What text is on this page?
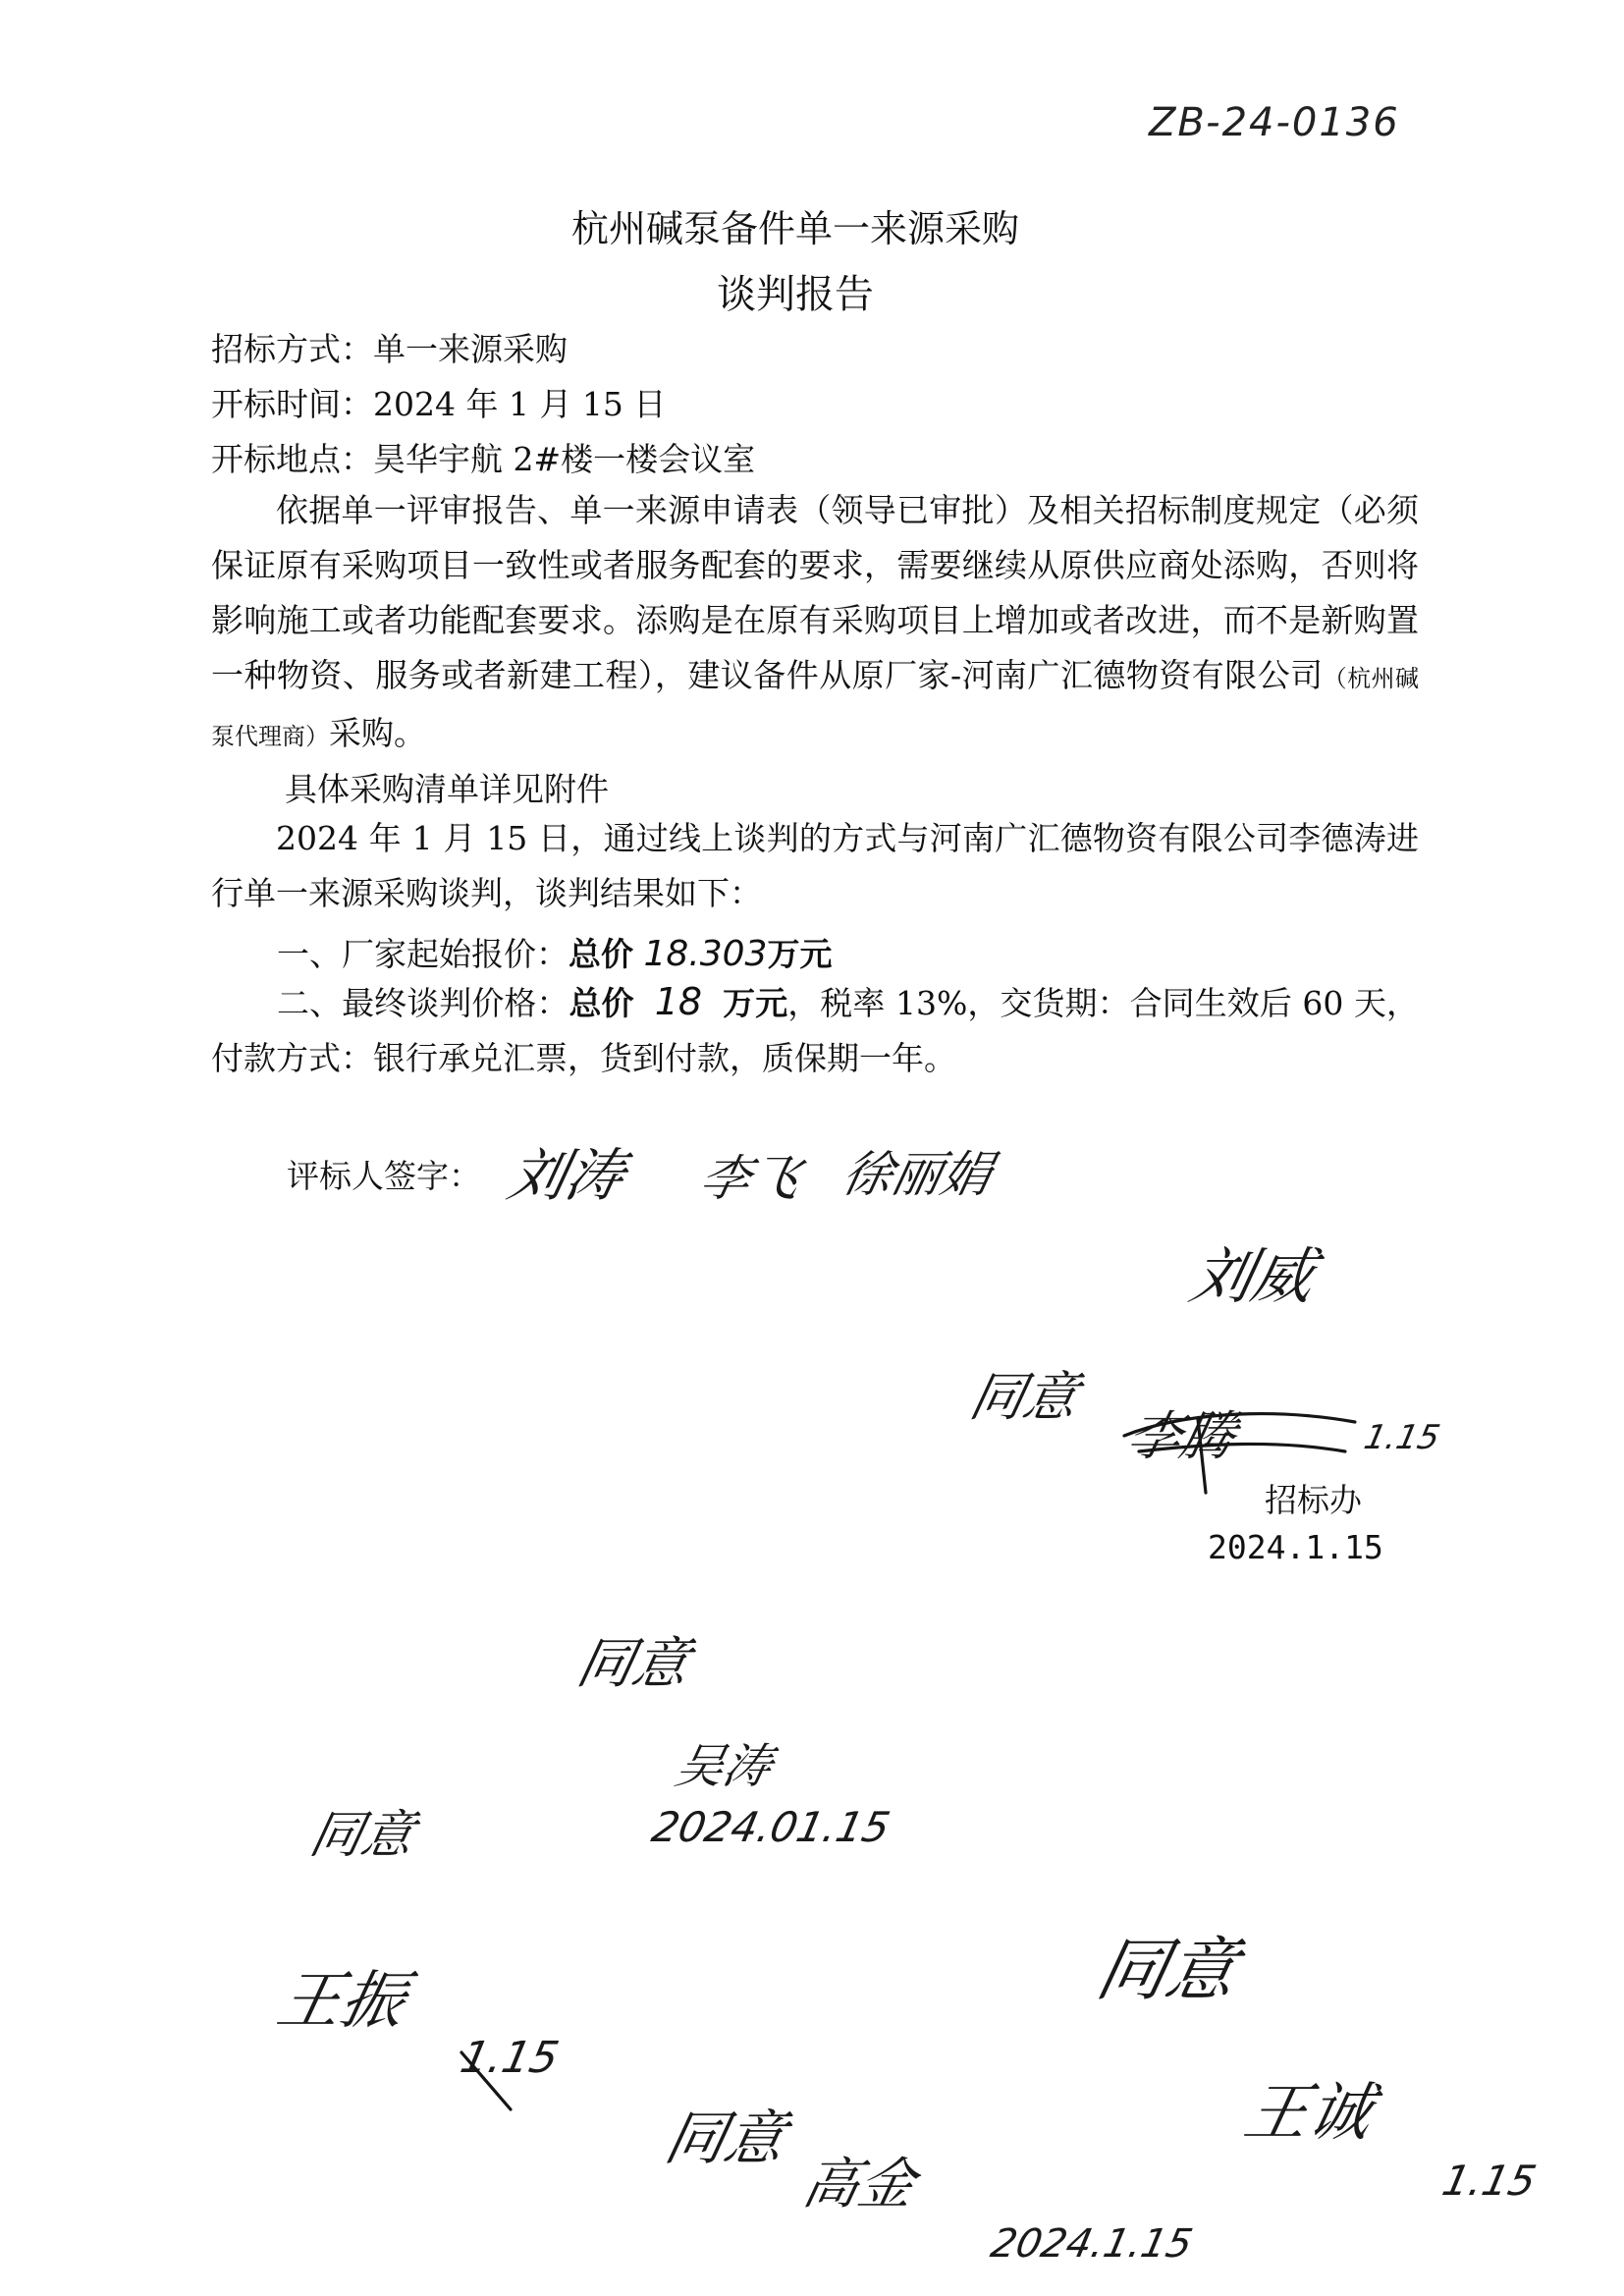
ZB-24-0136
杭州碱泵备件单一来源采购
谈判报告
招标方式：单一来源采购
开标时间：2024 年 1 月 15 日
开标地点：昊华宇航 2#楼一楼会议室
依据单一评审报告、单一来源申请表（领导已审批）及相关招标制度规定（必须保证原有采购项目一致性或者服务配套的要求，需要继续从原供应商处添购，否则将影响施工或者功能配套要求。添购是在原有采购项目上增加或者改进，而不是新购置一种物资、服务或者新建工程），建议备件从原厂家-河南广汇德物资有限公司（杭州碱泵代理商）采购。
具体采购清单详见附件
2024 年 1 月 15 日，通过线上谈判的方式与河南广汇德物资有限公司李德涛进行单一来源采购谈判，谈判结果如下：
一、厂家起始报价：总价 18.303万元
二、最终谈判价格：总价 18 万元，税率 13%，交货期：合同生效后 60 天，付款方式：银行承兑汇票，货到付款，质保期一年。
评标人签字：
招标办
2024.1.15
刘涛 李飞 徐丽娟
刘威
同意
李腾	1.15
同意
吴涛
2024.01.15
同意
王振
1.15
同意
王诚
1.15
同意
高金
2024.1.15
